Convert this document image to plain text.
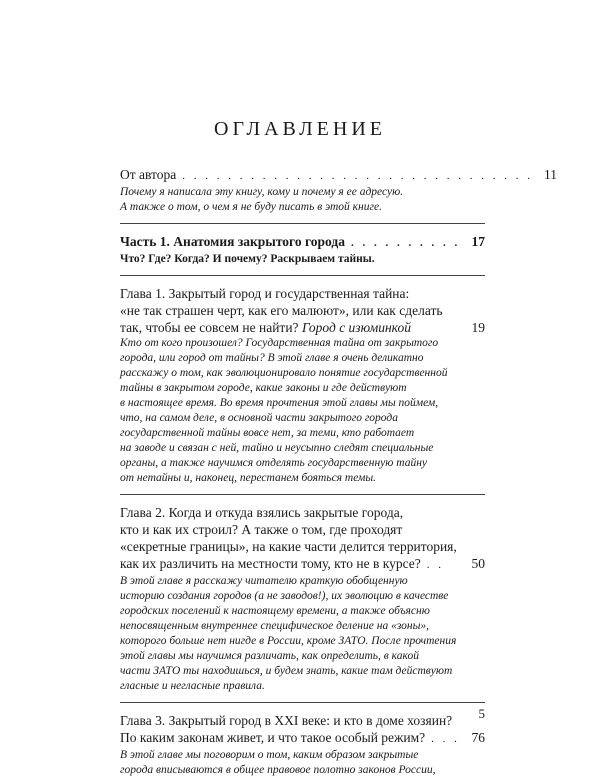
ОГЛАВЛЕНИЕ
От автора . . . . . . . . . . . . . . . . . . . . . . . . . . . . . . . 11
Почему я написала эту книгу, кому и почему я ее адресую.
А также о том, о чем я не буду писать в этой книге.
Часть 1. Анатомия закрытого города . . . . . . . . . . 17
Что? Где? Когда? И почему? Раскрываем тайны.
Глава 1. Закрытый город и государственная тайна:
«не так страшен черт, как его малюют», или как сделать
так, чтобы ее совсем не найти? Город с изюминкой	19
Кто от кого произошел? Государственная тайна от закрытого
города, или город от тайны? В этой главе я очень деликатно
расскажу о том, как эволюционировало понятие государственной
тайны в закрытом городе, какие законы и где действуют
в настоящее время. Во время прочтения этой главы мы поймем,
что, на самом деле, в основной части закрытого города
государственной тайны вовсе нет, за теми, кто работает
на заводе и связан с ней, тайно и неусыпно следят специальные
органы, а также научимся отделять государственную тайну
от нетайны и, наконец, перестанем бояться темы.
Глава 2. Когда и откуда взялись закрытые города,
кто и как их строил? А также о том, где проходят
«секретные границы», на какие части делится территория,
как их различить на местности тому, кто не в курсе? . .	50
В этой главе я расскажу читателю краткую обобщенную
историю создания городов (а не заводов!), их эволюцию в качестве
городских поселений к настоящему времени, а также объясню
непосвященным внутреннее специфическое деление на «зоны»,
которого больше нет нигде в России, кроме ЗАТО. После прочтения
этой главы мы научимся различать, как определить, в какой
части ЗАТО ты находишься, и будем знать, какие там действуют
гласные и негласные правила.
Глава 3. Закрытый город в XXI веке: и кто в доме хозяин?
По каким законам живет, и что такое особый режим? . . . 76
В этой главе мы поговорим о том, каким образом закрытые
города вписываются в общее правовое полотно законов России,
5
